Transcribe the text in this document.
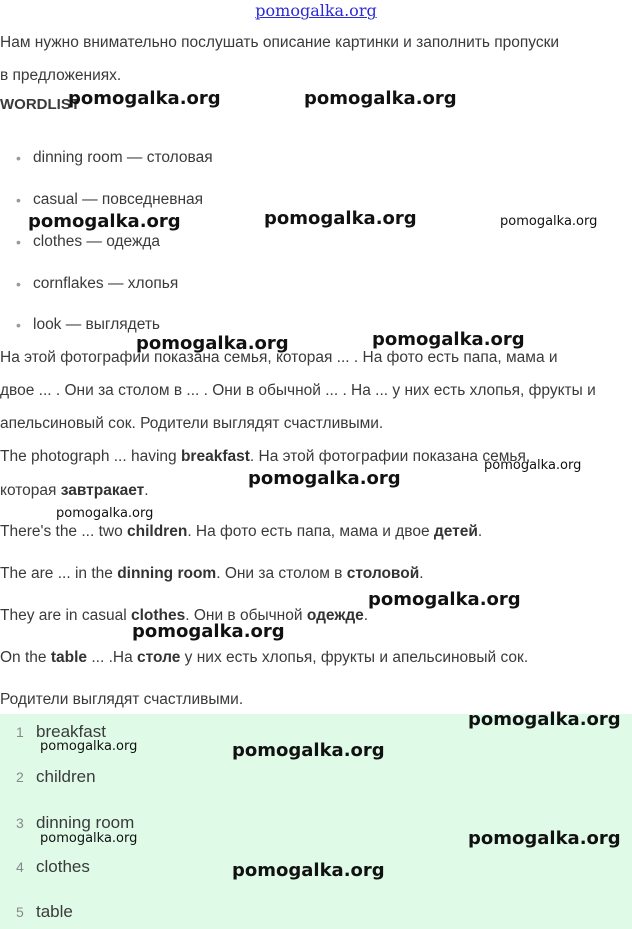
pomogalka.org
Нам нужно внимательно послушать описание картинки и заполнить пропуски
в предложениях.
WORDLIST
• dinning room — столовая
• casual — повседневная
• clothes — одежда
• cornflakes — хлопья
• look — выглядеть
На этой фотографии показана семья, которая ... . На фото есть папа, мама и
двое ... . Они за столом в ... . Они в обычной ... . На ... у них есть хлопья, фрукты и
апельсиновый сок. Родители выглядят счастливыми.
The photograph ... having breakfast. На этой фотографии показана семья,
которая завтракает.
There's the ... two children. На фото есть папа, мама и двое детей.
The are ... in the dinning room. Они за столом в столовой.
They are in casual clothes. Они в обычной одежде.
On the table ... .На столе у них есть хлопья, фрукты и апельсиновый сок.
Родители выглядят счастливыми.
1 breakfast
2 children
3 dinning room
4 clothes
5 table
pomogalka.org	pomogalka.org
pomogalka.org	pomogalka.org	pomogalka.org
pomogalka.org	pomogalka.org
pomogalka.org
pomogalka.org
pomogalka.org
pomogalka.org
pomogalka.org
pomogalka.org
pomogalka.org	pomogalka.org
pomogalka.org	pomogalka.org
pomogalka.org
